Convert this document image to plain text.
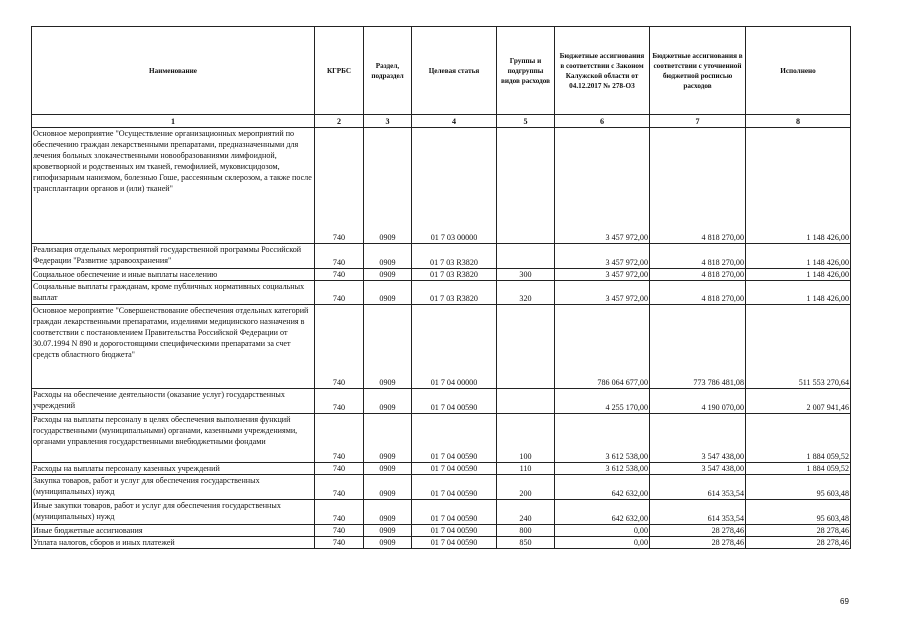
Наименование	КГРБС	Раздел, подраздел	Целевая статья	Группы и подгруппы видов расходов	Бюджетные ассигнования в соответствии с Законом Калужской области от 04.12.2017 № 278-ОЗ	Бюджетные ассигнования в соответствии с уточненной бюджетной росписью расходов	Исполнено
1	2	3	4	5	6	7	8
Основное мероприятие "Осуществление организационных мероприятий по обеспечению граждан лекарственными препаратами, предназначенными для лечения больных злокачественными новообразованиями лимфоидной, кроветворной и родственных им тканей, гемофилией, муковисцидозом, гипофизарным нанизмом, болезнью Гоше, рассеянным склерозом, а также после трансплантации органов и (или) тканей"	740	0909	01 7 03 00000		3 457 972,00	4 818 270,00	1 148 426,00
Реализация отдельных мероприятий государственной программы Российской Федерации "Развитие здравоохранения"	740	0909	01 7 03 R3820		3 457 972,00	4 818 270,00	1 148 426,00
Социальное обеспечение и иные выплаты населению	740	0909	01 7 03 R3820	300	3 457 972,00	4 818 270,00	1 148 426,00
Социальные выплаты гражданам, кроме публичных нормативных социальных выплат	740	0909	01 7 03 R3820	320	3 457 972,00	4 818 270,00	1 148 426,00
Основное мероприятие "Совершенствование обеспечения отдельных категорий граждан лекарственными препаратами, изделиями медицинского назначения в соответствии с постановлением Правительства Российской Федерации от 30.07.1994 N 890 и дорогостоящими специфическими препаратами за счет средств областного бюджета"	740	0909	01 7 04 00000		786 064 677,00	773 786 481,08	511 553 270,64
Расходы на обеспечение деятельности (оказание услуг) государственных учреждений	740	0909	01 7 04 00590		4 255 170,00	4 190 070,00	2 007 941,46
Расходы на выплаты персоналу в целях обеспечения выполнения функций государственными (муниципальными) органами, казенными учреждениями, органами управления государственными внебюджетными фондами	740	0909	01 7 04 00590	100	3 612 538,00	3 547 438,00	1 884 059,52
Расходы на выплаты персоналу казенных учреждений	740	0909	01 7 04 00590	110	3 612 538,00	3 547 438,00	1 884 059,52
Закупка товаров, работ и услуг для обеспечения государственных (муниципальных) нужд	740	0909	01 7 04 00590	200	642 632,00	614 353,54	95 603,48
Иные закупки товаров, работ и услуг для обеспечения государственных (муниципальных) нужд	740	0909	01 7 04 00590	240	642 632,00	614 353,54	95 603,48
Иные бюджетные ассигнования	740	0909	01 7 04 00590	800	0,00	28 278,46	28 278,46
Уплата налогов, сборов и иных платежей	740	0909	01 7 04 00590	850	0,00	28 278,46	28 278,46
69
